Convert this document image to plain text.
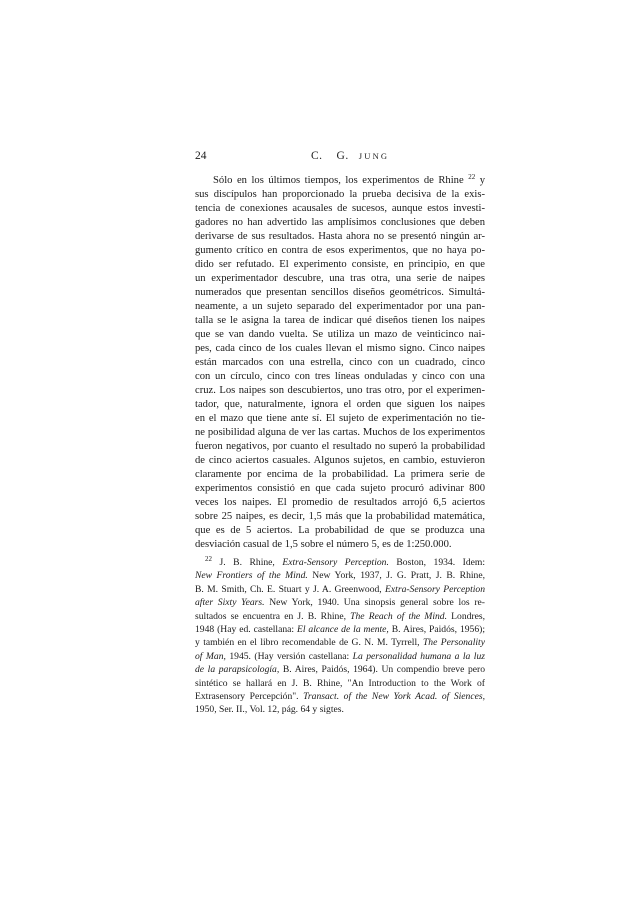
24	C. G. JUNG
Sólo en los últimos tiempos, los experimentos de Rhine $^{22}$ y
sus discípulos han proporcionado la prueba decisiva de la exis-
tencia de conexiones acausales de sucesos, aunque estos investi-
gadores no han advertido las amplísimos conclusiones que deben
derivarse de sus resultados. Hasta ahora no se presentó ningún ar-
gumento crítico en contra de esos experimentos, que no haya po-
dido ser refutado. El experimento consiste, en principio, en que
un experimentador descubre, una tras otra, una serie de naipes
numerados que presentan sencillos diseños geométricos. Simultá-
neamente, a un sujeto separado del experimentador por una pan-
talla se le asigna la tarea de indicar qué diseños tienen los naipes
que se van dando vuelta. Se utiliza un mazo de veinticinco nai-
pes, cada cinco de los cuales llevan el mismo signo. Cinco naipes
están marcados con una estrella, cinco con un cuadrado, cinco
con un círculo, cinco con tres líneas onduladas y cinco con una
cruz. Los naipes son descubiertos, uno tras otro, por el experimen-
tador, que, naturalmente, ignora el orden que siguen los naipes
en el mazo que tiene ante sí. El sujeto de experimentación no tie-
ne posibilidad alguna de ver las cartas. Muchos de los experimentos
fueron negativos, por cuanto el resultado no superó la probabilidad
de cinco aciertos casuales. Algunos sujetos, en cambio, estuvieron
claramente por encima de la probabilidad. La primera serie de
experimentos consistió en que cada sujeto procuró adivinar 800
veces los naipes. El promedio de resultados arrojó 6,5 aciertos
sobre 25 naipes, es decir, 1,5 más que la probabilidad matemática,
que es de 5 aciertos. La probabilidad de que se produzca una
desviación casual de 1,5 sobre el número 5, es de 1:250.000.
$^{22}$ J. B. Rhine, Extra-Sensory Perception. Boston, 1934. Idem:
New Frontiers of the Mind. New York, 1937, J. G. Pratt, J. B. Rhine,
B. M. Smith, Ch. E. Stuart y J. A. Greenwood, Extra-Sensory Perception
after Sixty Years. New York, 1940. Una sinopsis general sobre los re-
sultados se encuentra en J. B. Rhine, The Reach of the Mind. Londres,
1948 (Hay ed. castellana: El alcance de la mente, B. Aires, Paidós, 1956);
y también en el libro recomendable de G. N. M. Tyrrell, The Personality
of Man, 1945. (Hay versión castellana: La personalidad humana a la luz
de la parapsicología, B. Aires, Paidós, 1964). Un compendio breve pero
sintético se hallará en J. B. Rhine, "An Introduction to the Work of
Extrasensory Percepción". Transact. of the New York Acad. of Siences,
1950, Ser. II., Vol. 12, pág. 64 y sigtes.
